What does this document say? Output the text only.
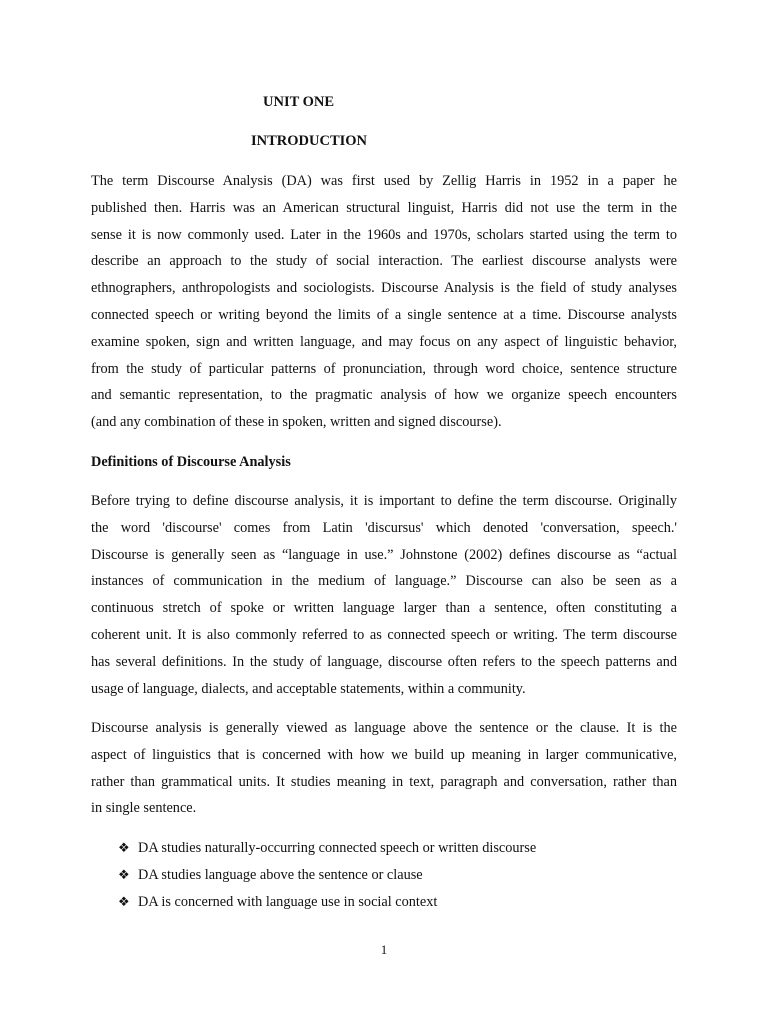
UNIT ONE
INTRODUCTION
The term Discourse Analysis (DA) was first used by Zellig Harris in 1952 in a paper he
published then. Harris was an American structural linguist, Harris did not use the term in the
sense it is now commonly used. Later in the 1960s and 1970s, scholars started using the term to
describe an approach to the study of social interaction. The earliest discourse analysts were
ethnographers, anthropologists and sociologists. Discourse Analysis is the field of study analyses
connected speech or writing beyond the limits of a single sentence at a time. Discourse analysts
examine spoken, sign and written language, and may focus on any aspect of linguistic behavior,
from the study of particular patterns of pronunciation, through word choice, sentence structure
and semantic representation, to the pragmatic analysis of how we organize speech encounters
(and any combination of these in spoken, written and signed discourse).
Definitions of Discourse Analysis
Before trying to define discourse analysis, it is important to define the term discourse. Originally
the word 'discourse' comes from Latin 'discursus' which denoted 'conversation, speech.'
Discourse is generally seen as “language in use.” Johnstone (2002) defines discourse as “actual
instances of communication in the medium of language.” Discourse can also be seen as a
continuous stretch of spoke or written language larger than a sentence, often constituting a
coherent unit. It is also commonly referred to as connected speech or writing. The term discourse
has several definitions. In the study of language, discourse often refers to the speech patterns and
usage of language, dialects, and acceptable statements, within a community.
Discourse analysis is generally viewed as language above the sentence or the clause. It is the
aspect of linguistics that is concerned with how we build up meaning in larger communicative,
rather than grammatical units. It studies meaning in text, paragraph and conversation, rather than
in single sentence.
❖ DA studies naturally-occurring connected speech or written discourse
❖ DA studies language above the sentence or clause
❖ DA is concerned with language use in social context
1
